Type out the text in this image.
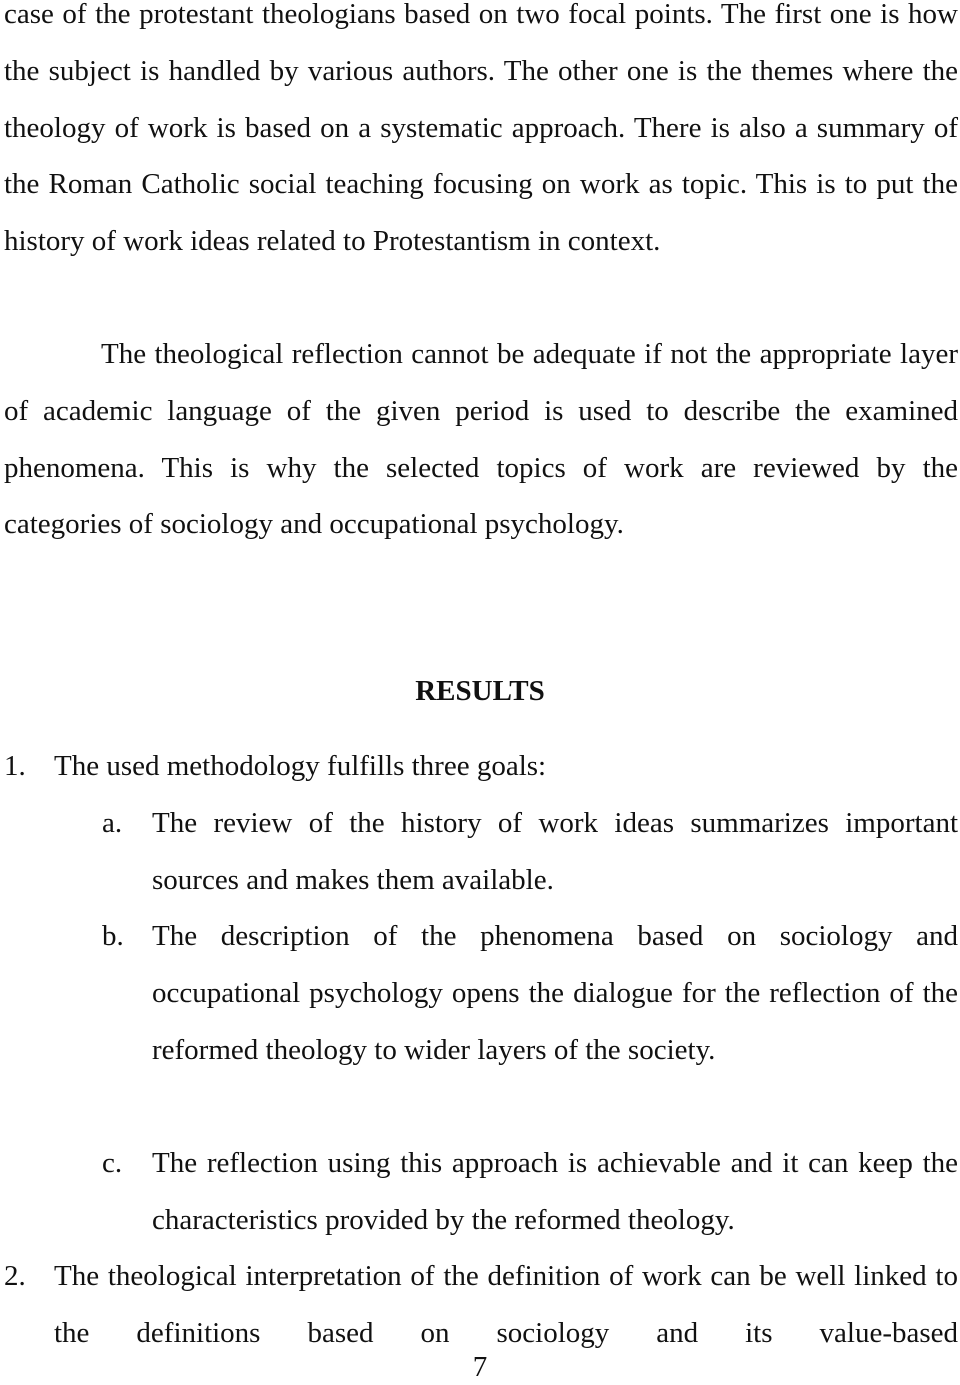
case of the protestant theologians based on two focal points. The first one is how the subject is handled by various authors. The other one is the themes where the theology of work is based on a systematic approach. There is also a summary of the Roman Catholic social teaching focusing on work as topic. This is to put the history of work ideas related to Protestantism in context.

The theological reflection cannot be adequate if not the appropriate layer of academic language of the given period is used to describe the examined phenomena. This is why the selected topics of work are reviewed by the categories of sociology and occupational psychology.

RESULTS
1. The used methodology fulfills three goals:
a. The review of the history of work ideas summarizes important sources and makes them available.
b. The description of the phenomena based on sociology and occupational psychology opens the dialogue for the reflection of the reformed theology to wider layers of the society.
c. The reflection using this approach is achievable and it can keep the characteristics provided by the reformed theology.
2. The theological interpretation of the definition of work can be well linked to the definitions based on sociology and its value-based
7
